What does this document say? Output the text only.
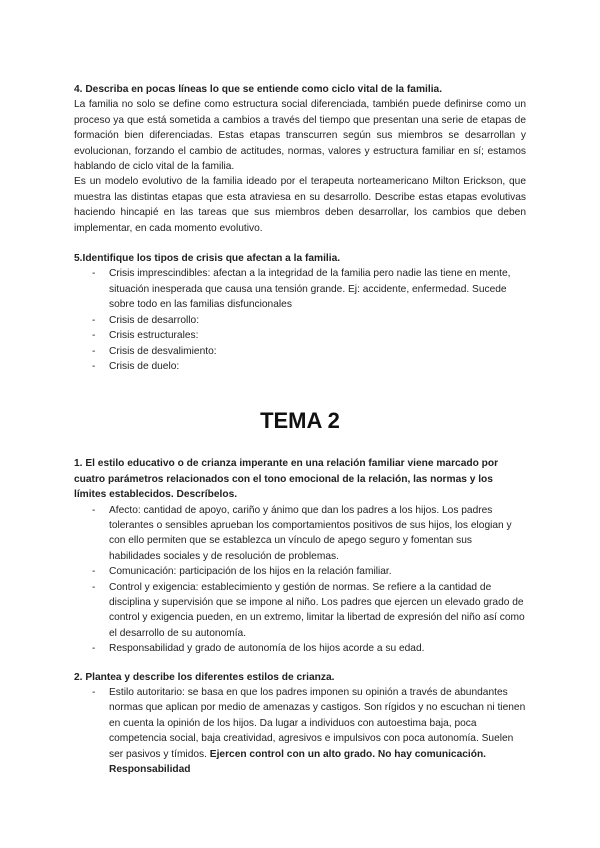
4. Describa en pocas líneas lo que se entiende como ciclo vital de la familia.

La familia no solo se define como estructura social diferenciada, también puede definirse como un proceso ya que está sometida a cambios a través del tiempo que presentan una serie de etapas de formación bien diferenciadas. Estas etapas transcurren según sus miembros se desarrollan y evolucionan, forzando el cambio de actitudes, normas, valores y estructura familiar en sí; estamos hablando de ciclo vital de la familia.

Es un modelo evolutivo de la familia ideado por el terapeuta norteamericano Milton Erickson, que muestra las distintas etapas que esta atraviesa en su desarrollo. Describe estas etapas evolutivas haciendo hincapié en las tareas que sus miembros deben desarrollar, los cambios que deben implementar, en cada momento evolutivo.

5.Identifique los tipos de crisis que afectan a la familia.

- Crisis imprescindibles: afectan a la integridad de la familia pero nadie las tiene en mente, situación inesperada que causa una tensión grande. Ej: accidente, enfermedad. Sucede sobre todo en las familias disfuncionales
- Crisis de desarrollo:
- Crisis estructurales:
- Crisis de desvalimiento:
- Crisis de duelo:
TEMA 2

1. El estilo educativo o de crianza imperante en una relación familiar viene marcado por cuatro parámetros relacionados con el tono emocional de la relación, las normas y los límites establecidos. Descríbelos.

- Afecto: cantidad de apoyo, cariño y ánimo que dan los padres a los hijos. Los padres tolerantes o sensibles aprueban los comportamientos positivos de sus hijos, los elogian y con ello permiten que se establezca un vínculo de apego seguro y fomentan sus habilidades sociales y de resolución de problemas.
- Comunicación: participación de los hijos en la relación familiar.
- Control y exigencia: establecimiento y gestión de normas. Se refiere a la cantidad de disciplina y supervisión que se impone al niño. Los padres que ejercen un elevado grado de control y exigencia pueden, en un extremo, limitar la libertad de expresión del niño así como el desarrollo de su autonomía.
- Responsabilidad y grado de autonomía de los hijos acorde a su edad.

2. Plantea y describe los diferentes estilos de crianza.

- Estilo autoritario: se basa en que los padres imponen su opinión a través de abundantes normas que aplican por medio de amenazas y castigos. Son rígidos y no escuchan ni tienen en cuenta la opinión de los hijos. Da lugar a individuos con autoestima baja, poca competencia social, baja creatividad, agresivos e impulsivos con poca autonomía. Suelen ser pasivos y tímidos. Ejercen control con un alto grado. No hay comunicación. Responsabilidad
